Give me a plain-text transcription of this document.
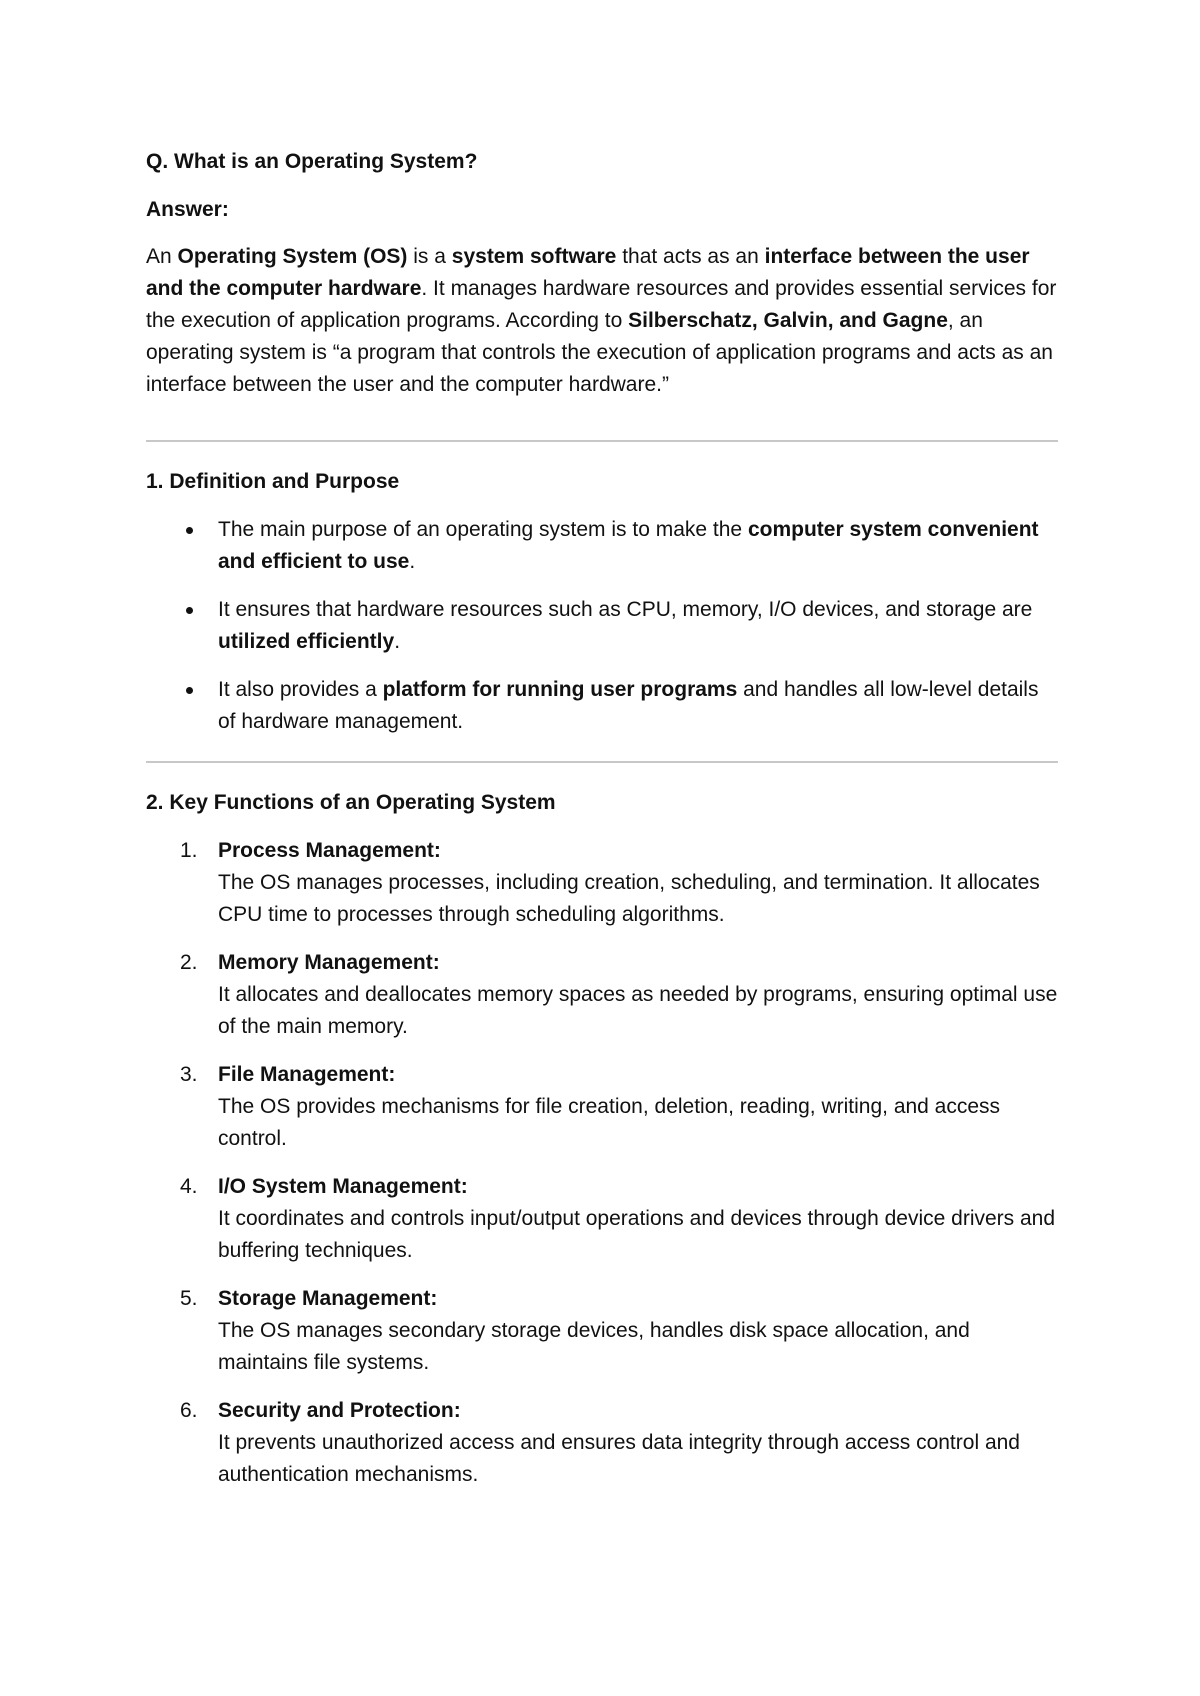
Q. What is an Operating System?

Answer:

An Operating System (OS) is a system software that acts as an interface between the user and the computer hardware. It manages hardware resources and provides essential services for the execution of application programs. According to Silberschatz, Galvin, and Gagne, an operating system is “a program that controls the execution of application programs and acts as an interface between the user and the computer hardware.”

1. Definition and Purpose

The main purpose of an operating system is to make the computer system convenient and efficient to use.
It ensures that hardware resources such as CPU, memory, I/O devices, and storage are utilized efficiently.
It also provides a platform for running user programs and handles all low-level details of hardware management.

2. Key Functions of an Operating System

1. Process Management:
The OS manages processes, including creation, scheduling, and termination. It allocates CPU time to processes through scheduling algorithms.
2. Memory Management:
It allocates and deallocates memory spaces as needed by programs, ensuring optimal use of the main memory.
3. File Management:
The OS provides mechanisms for file creation, deletion, reading, writing, and access control.
4. I/O System Management:
It coordinates and controls input/output operations and devices through device drivers and buffering techniques.
5. Storage Management:
The OS manages secondary storage devices, handles disk space allocation, and maintains file systems.
6. Security and Protection:
It prevents unauthorized access and ensures data integrity through access control and authentication mechanisms.
